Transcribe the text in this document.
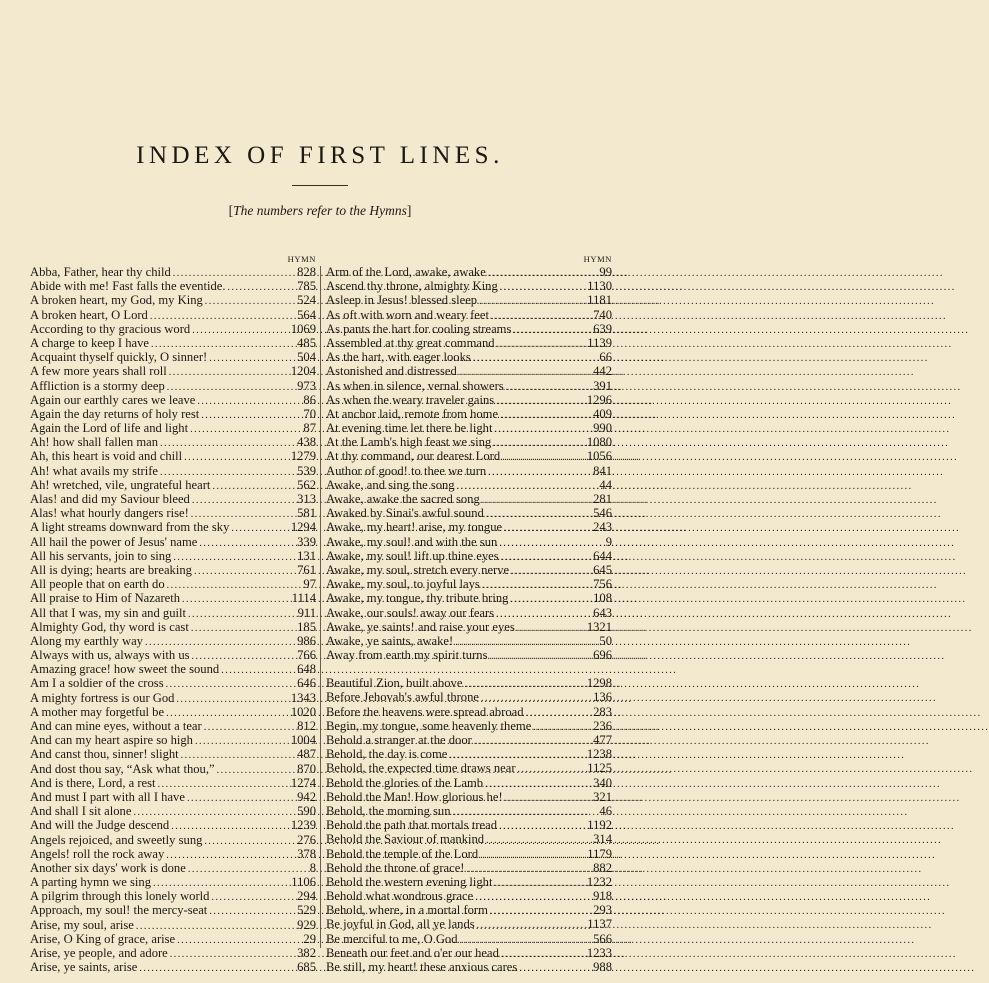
INDEX OF FIRST LINES.
[The numbers refer to the Hymns]
HYMN
Abba, Father, hear thy child .....	828
Abide with me! Fast falls the eventide. .....	785
A broken heart, my God, my King .....	524
A broken heart, O Lord .....	564
According to thy gracious word .....	1069
A charge to keep I have .....	485
Acquaint thyself quickly, O sinner! .....	504
A few more years shall roll .....	1204
Affliction is a stormy deep .....	973
Again our earthly cares we leave .....	86
Again the day returns of holy rest .....	70
Again the Lord of life and light .....	87
Ah! how shall fallen man .....	438
Ah, this heart is void and chill .....	1279
Ah! what avails my strife .....	539
Ah! wretched, vile, ungrateful heart .....	562
Alas! and did my Saviour bleed .....	313
Alas! what hourly dangers rise! .....	581
A light streams downward from the sky .....	1294
All hail the power of Jesus' name .....	339
All his servants, join to sing .....	131
All is dying; hearts are breaking .....	761
All people that on earth do .....	97
All praise to Him of Nazareth .....	1114
All that I was, my sin and guilt .....	911
Almighty God, thy word is cast .....	185
Along my earthly way .....	986
Always with us, always with us .....	766
Amazing grace! how sweet the sound .....	648
Am I a soldier of the cross .....	646
A mighty fortress is our God .....	1343
A mother may forgetful be .....	1020
And can mine eyes, without a tear .....	812
And can my heart aspire so high .....	1004
And canst thou, sinner! slight .....	487
And dost thou say, “Ask what thou,” .....	870
And is there, Lord, a rest .....	1274
And must I part with all I have .....	942
And shall I sit alone .....	590
And will the Judge descend .....	1239
Angels rejoiced, and sweetly sung .....	276
Angels! roll the rock away .....	378
Another six days' work is done .....	8
A parting hymn we sing .....	1106
A pilgrim through this lonely world .....	294
Approach, my soul! the mercy-seat .....	529
Arise, my soul, arise .....	929
Arise, O King of grace, arise .....	29
Arise, ye people, and adore .....	382
Arise, ye saints, arise .....	685
HYMN
Arm of the Lord, awake, awake .....	99
Ascend thy throne, almighty King .....	1130
Asleep in Jesus! blessed sleep .....	1181
As oft with worn and weary feet .....	740
As pants the hart for cooling streams .....	639
Assembled at thy great command .....	1139
As the hart, with eager looks .....	66
Astonished and distressed .....	442
As when in silence, vernal showers .....	391
As when the weary traveler gains .....	1296
At anchor laid, remote from home .....	409
At evening time let there be light .....	990
At the Lamb's high feast we sing .....	1080
At thy command, our dearest Lord .....	1056
Author of good! to thee we turn .....	841
Awake, and sing the song .....	44
Awake, awake the sacred song .....	281
Awaked by Sinai's awful sound .....	546
Awake, my heart! arise, my tongue .....	243
Awake, my soul! and with the sun .....	9
Awake, my soul! lift up thine eyes .....	644
Awake, my soul, stretch every nerve .....	645
Awake, my soul, to joyful lays .....	756
Awake, my tongue, thy tribute bring .....	108
Awake, our souls! away our fears .....	643
Awake, ye saints! and raise your eyes .....	1321
Awake, ye saints, awake! .....	50
Away from earth my spirit turns .....	696
Beautiful Zion, built above .....	1298
Before Jehovah's awful throne .....	136
Before the heavens were spread abroad .....	283
Begin, my tongue, some heavenly theme .....	236
Behold a stranger at the door .....	477
Behold, the day is come .....	1238
Behold, the expected time draws near .....	1125
Behold the glories of the Lamb .....	340
Behold the Man! How glorious he! .....	321
Behold, the morning sun .....	46
Behold the path that mortals tread .....	1192
Behold the Saviour of mankind .....	314
Behold the temple of the Lord .....	1179
Behold the throne of grace! .....	882
Behold the western evening light .....	1232
Behold what wondrous grace .....	918
Behold, where, in a mortal form .....	293
Be joyful in God, all ye lands .....	1137
Be merciful to me, O God .....	566
Beneath our feet and o'er our head .....	1233
Be still, my heart! these anxious cares .....	988
